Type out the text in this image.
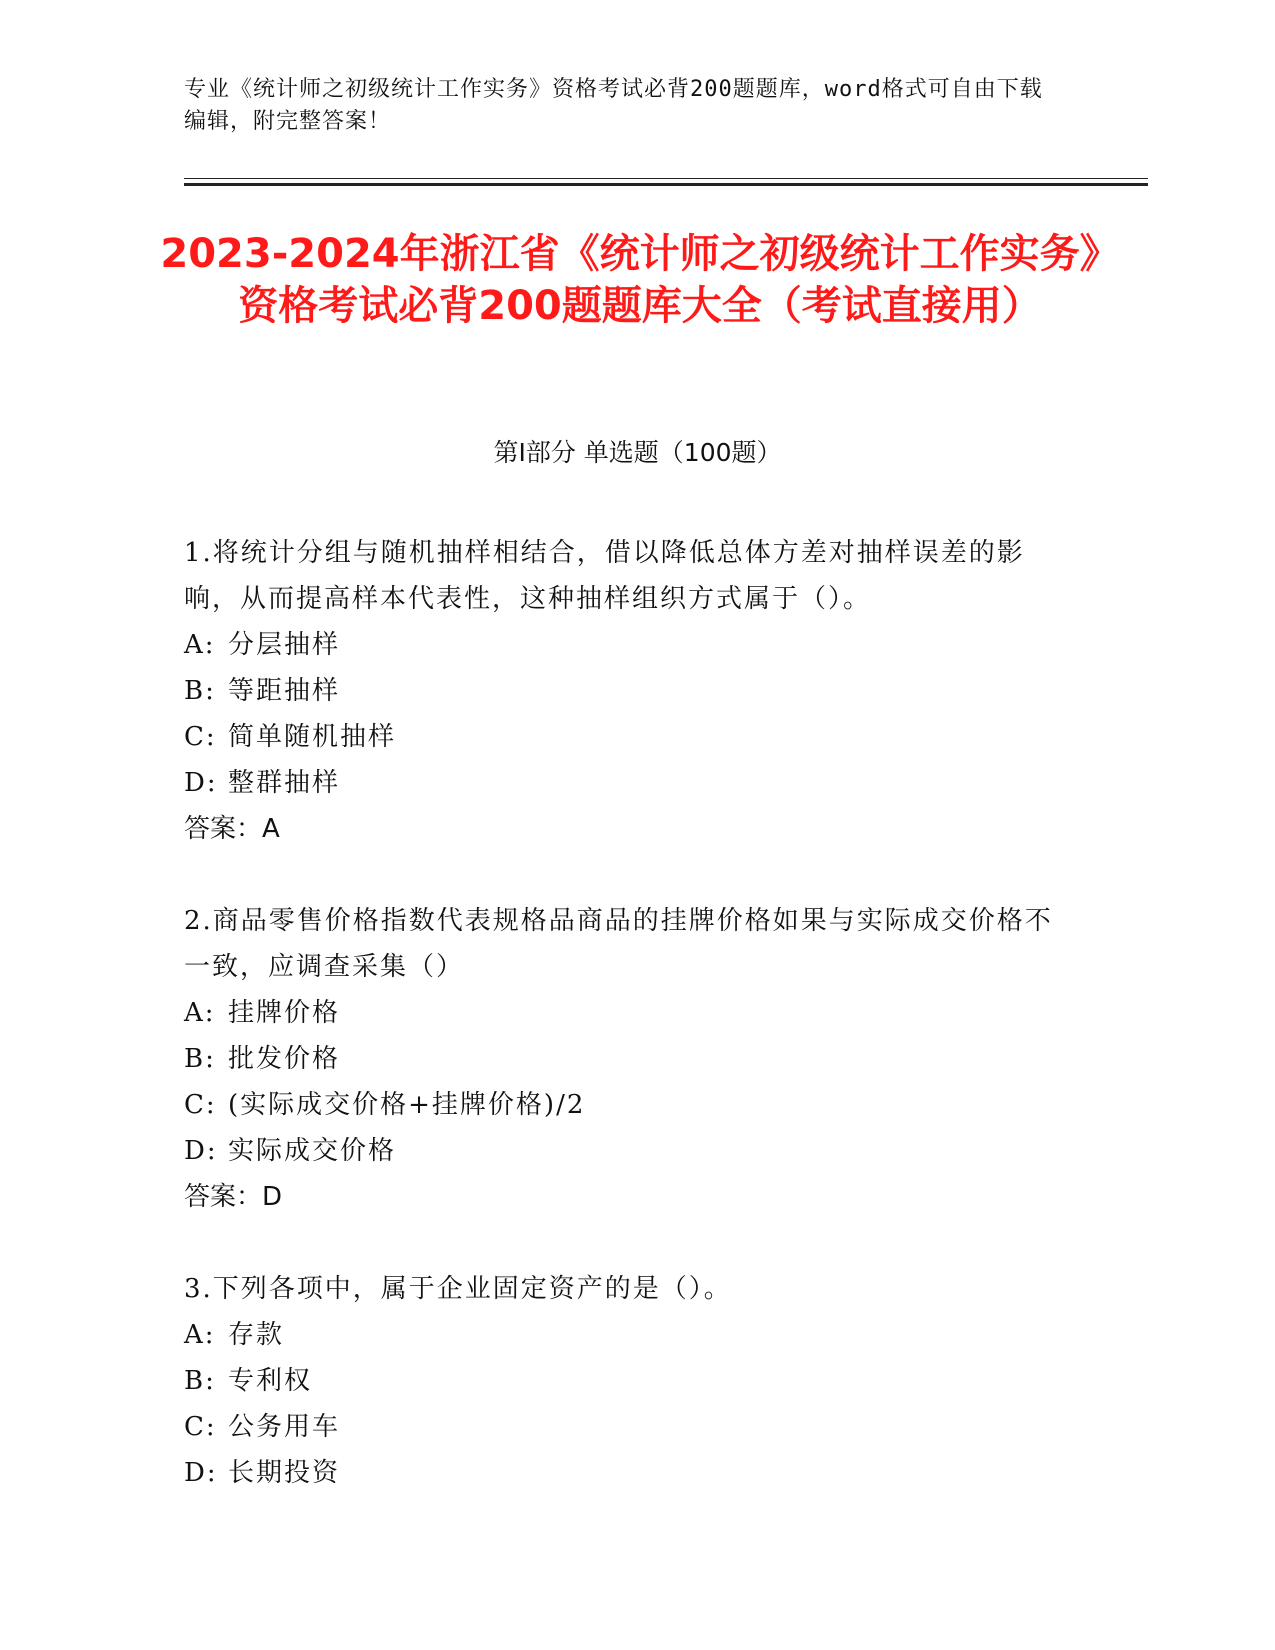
专业《统计师之初级统计工作实务》资格考试必背200题题库，word格式可自由下载编辑，附完整答案！
2023-2024年浙江省《统计师之初级统计工作实务》资格考试必背200题题库大全（考试直接用）
第I部分 单选题（100题）

1.将统计分组与随机抽样相结合，借以降低总体方差对抽样误差的影响，从而提高样本代表性，这种抽样组织方式属于（）。

A: 分层抽样

B: 等距抽样

C: 简单随机抽样

D: 整群抽样

答案：A

2.商品零售价格指数代表规格品商品的挂牌价格如果与实际成交价格不一致，应调查采集（）

A: 挂牌价格

B: 批发价格

C: (实际成交价格+挂牌价格)/2

D: 实际成交价格

答案：D

3.下列各项中，属于企业固定资产的是（）。

A: 存款

B: 专利权

C: 公务用车

D: 长期投资
